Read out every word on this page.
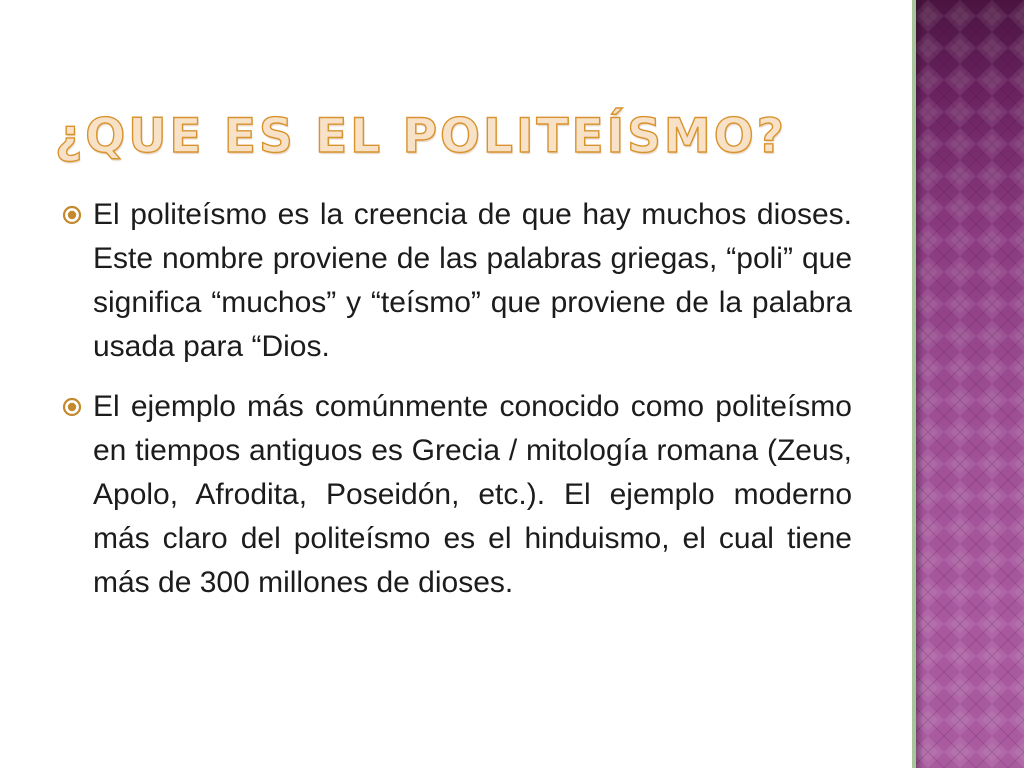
¿QUE ES EL POLITEÍSMO?
El politeísmo es la creencia de que hay muchos dioses. Este nombre proviene de las palabras griegas, “poli” que significa “muchos” y “teísmo” que proviene de la palabra usada para “Dios.
El ejemplo más comúnmente conocido como politeísmo en tiempos antiguos es Grecia / mitología romana (Zeus, Apolo, Afrodita, Poseidón, etc.). El ejemplo moderno más claro del politeísmo es el hinduismo, el cual tiene más de 300 millones de dioses.
